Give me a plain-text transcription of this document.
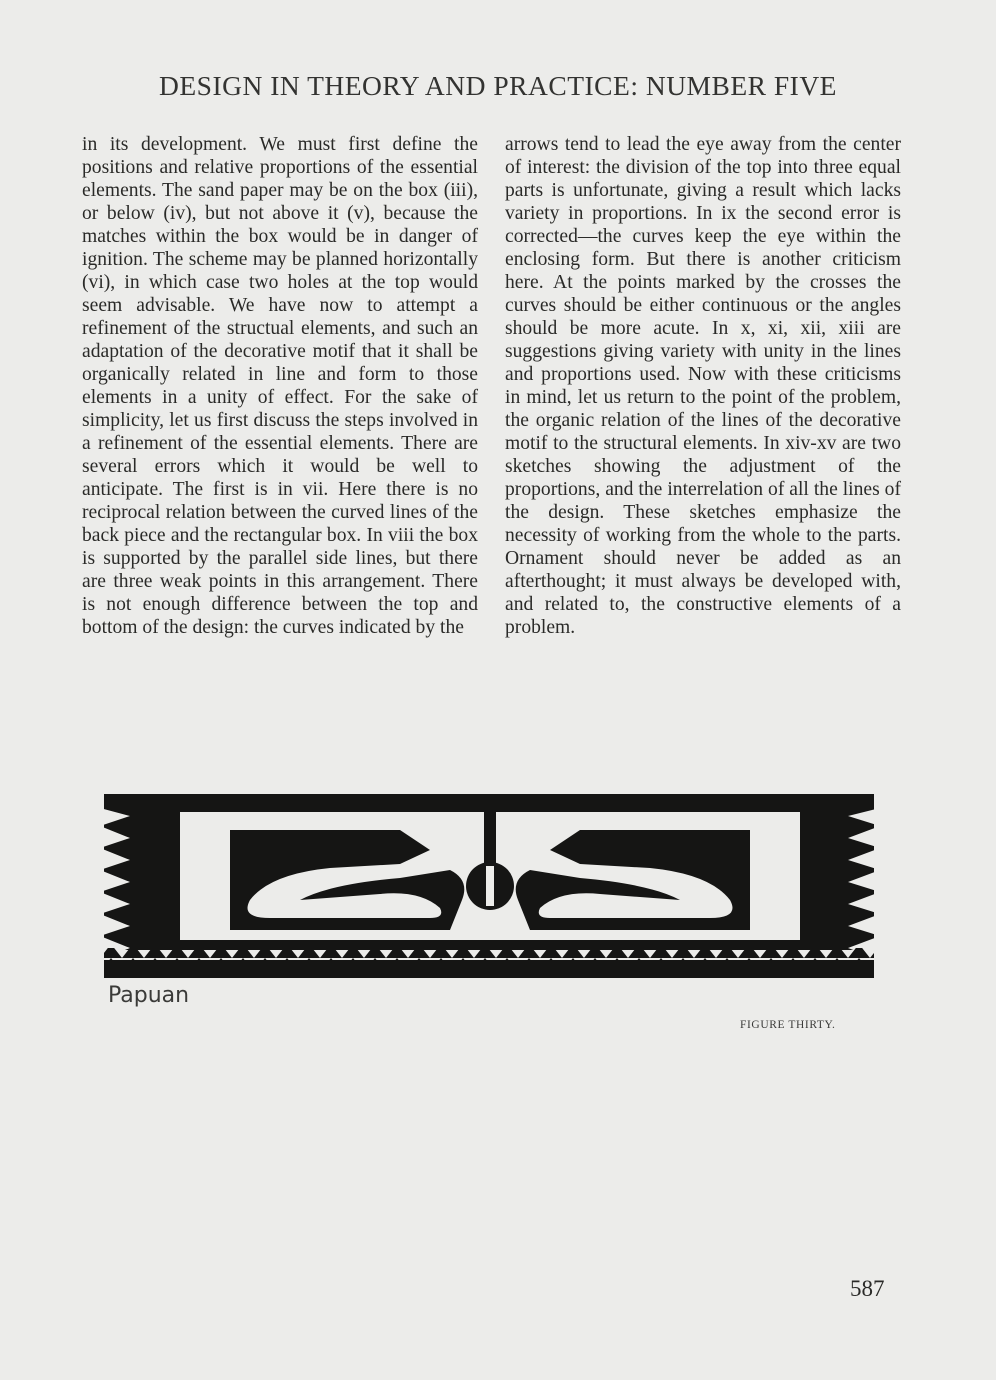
DESIGN IN THEORY AND PRACTICE: NUMBER FIVE

in its development. We must first define the positions and relative proportions of the essential elements. The sand paper may be on the box (iii), or below (iv), but not above it (v), because the matches within the box would be in danger of ignition. The scheme may be planned horizontally (vi), in which case two holes at the top would seem advisable. We have now to attempt a refinement of the structual elements, and such an adaptation of the decorative motif that it shall be organically related in line and form to those elements in a unity of effect. For the sake of simplicity, let us first discuss the steps involved in a refinement of the essential elements. There are several errors which it would be well to anticipate. The first is in vii. Here there is no reciprocal relation between the curved lines of the back piece and the rectangular box. In viii the box is supported by the parallel side lines, but there are three weak points in this arrangement. There is not enough difference between the top and bottom of the design: the curves indicated by the

arrows tend to lead the eye away from the center of interest: the division of the top into three equal parts is unfortunate, giving a result which lacks variety in proportions. In ix the second error is corrected—the curves keep the eye within the enclosing form. But there is another criticism here. At the points marked by the crosses the curves should be either continuous or the angles should be more acute. In x, xi, xii, xiii are suggestions giving variety with unity in the lines and proportions used. Now with these criticisms in mind, let us return to the point of the problem, the organic relation of the lines of the decorative motif to the structural elements. In xiv-xv are two sketches showing the adjustment of the proportions, and the interrelation of all the lines of the design. These sketches emphasize the necessity of working from the whole to the parts. Ornament should never be added as an afterthought; it must always be developed with, and related to, the constructive elements of a problem.

Papuan
FIGURE THIRTY.
587
